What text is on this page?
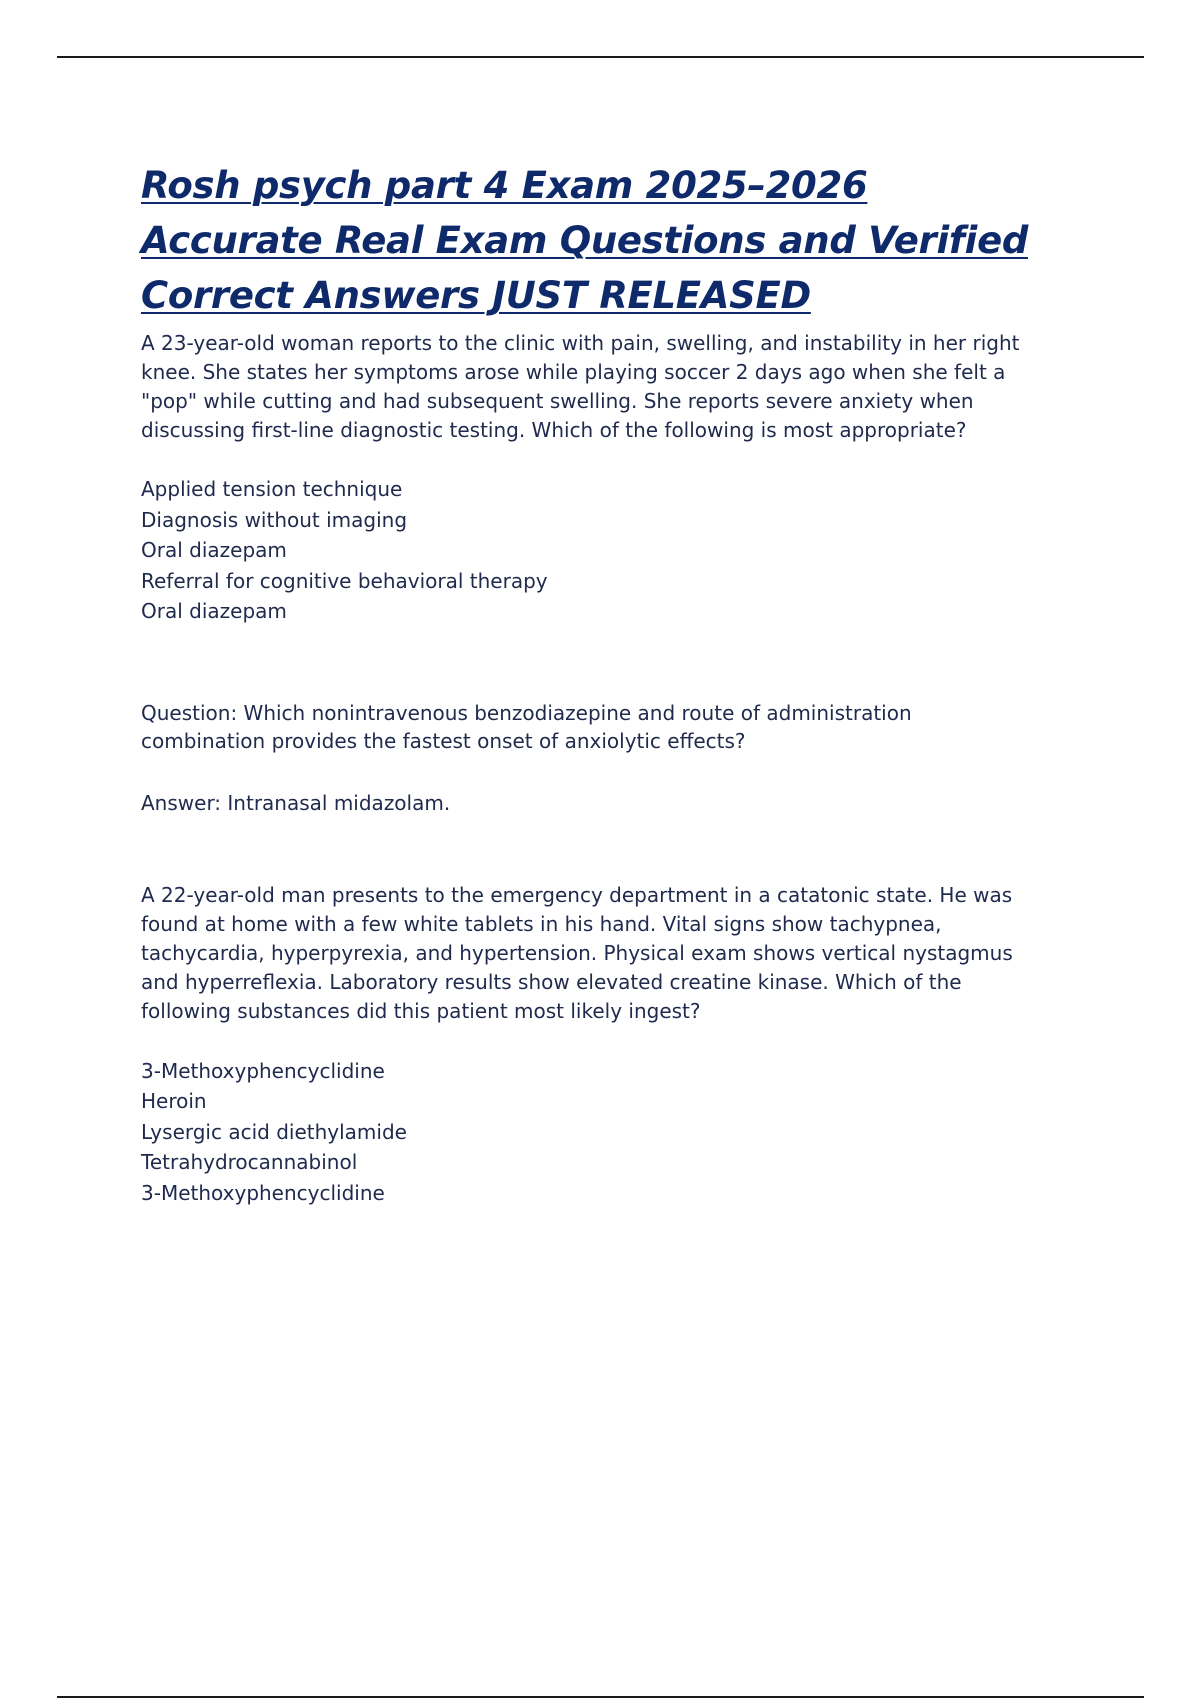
Rosh psych part 4 Exam 2025–2026 Accurate Real Exam Questions and Verified Correct Answers JUST RELEASED

A 23-year-old woman reports to the clinic with pain, swelling, and instability in her right knee. She states her symptoms arose while playing soccer 2 days ago when she felt a "pop" while cutting and had subsequent swelling. She reports severe anxiety when discussing first-line diagnostic testing. Which of the following is most appropriate?

Applied tension technique
Diagnosis without imaging
Oral diazepam
Referral for cognitive behavioral therapy
Oral diazepam

Question: Which nonintravenous benzodiazepine and route of administration combination provides the fastest onset of anxiolytic effects?

Answer: Intranasal midazolam.

A 22-year-old man presents to the emergency department in a catatonic state. He was found at home with a few white tablets in his hand. Vital signs show tachypnea, tachycardia, hyperpyrexia, and hypertension. Physical exam shows vertical nystagmus and hyperreflexia. Laboratory results show elevated creatine kinase. Which of the following substances did this patient most likely ingest?

3-Methoxyphencyclidine
Heroin
Lysergic acid diethylamide
Tetrahydrocannabinol
3-Methoxyphencyclidine
